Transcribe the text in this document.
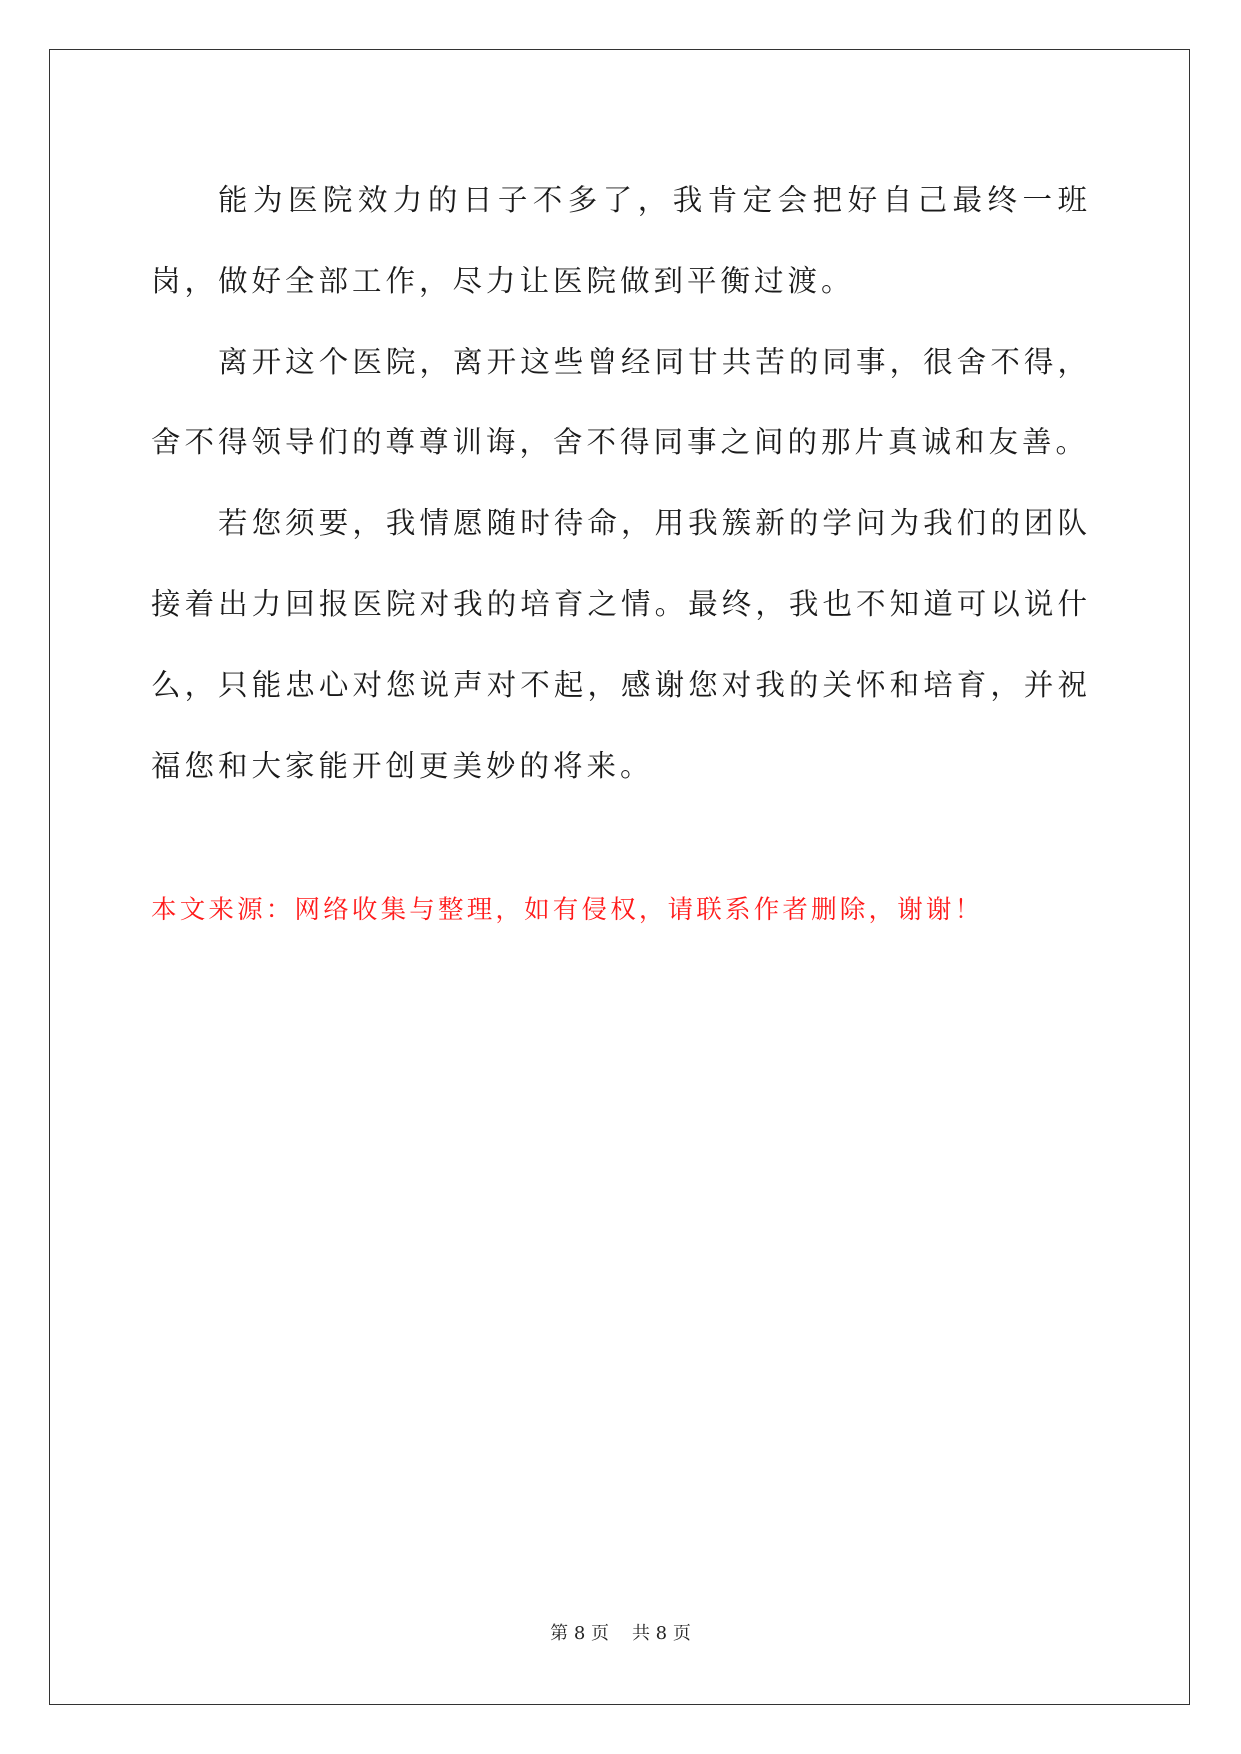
能为医院效力的日子不多了，我肯定会把好自己最终一班岗，做好全部工作，尽力让医院做到平衡过渡。

离开这个医院，离开这些曾经同甘共苦的同事，很舍不得，舍不得领导们的尊尊训诲，舍不得同事之间的那片真诚和友善。

若您须要，我情愿随时待命，用我簇新的学问为我们的团队接着出力回报医院对我的培育之情。最终，我也不知道可以说什么，只能忠心对您说声对不起，感谢您对我的关怀和培育，并祝福您和大家能开创更美妙的将来。

本文来源：网络收集与整理，如有侵权，请联系作者删除，谢谢！

第 8 页    共 8 页
